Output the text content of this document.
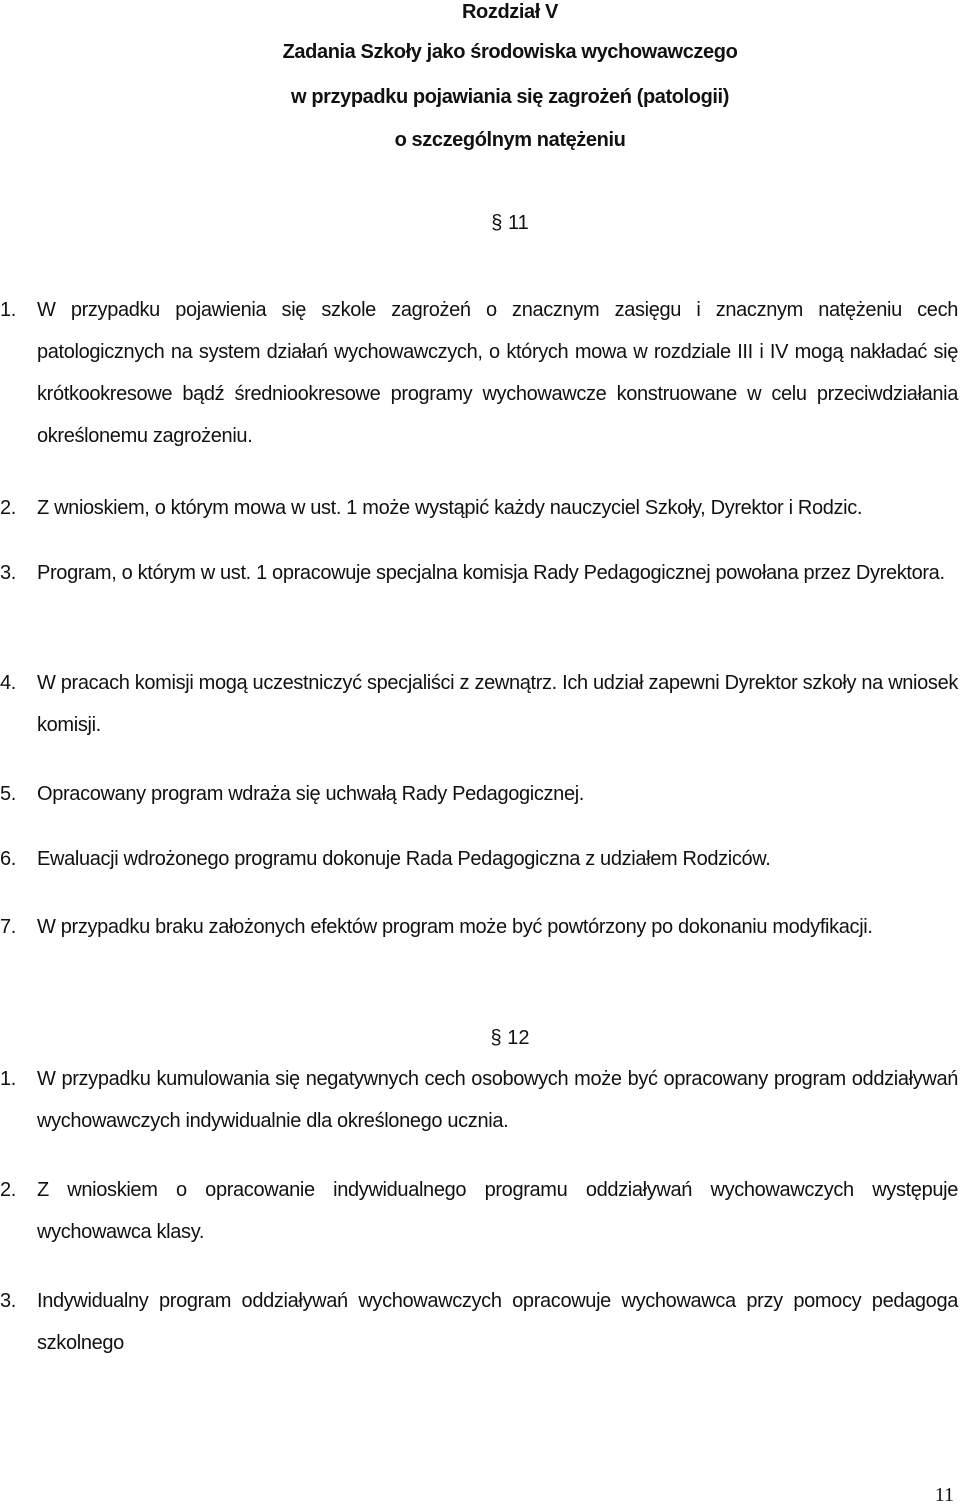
Rozdział V
Zadania Szkoły jako środowiska wychowawczego
w przypadku pojawiania się zagrożeń (patologii)
o szczególnym natężeniu
§ 11
1.	W przypadku pojawienia się szkole zagrożeń o znacznym zasięgu i znacznym natężeniu cech patologicznych na system działań wychowawczych, o których mowa w rozdziale III i IV mogą nakładać się krótkookresowe bądź średniookresowe programy wychowawcze konstruowane w celu przeciwdziałania określonemu zagrożeniu.
2.	Z wnioskiem, o którym mowa w ust. 1 może wystąpić każdy nauczyciel Szkoły, Dyrektor i Rodzic.
3.	Program, o którym w ust. 1 opracowuje specjalna komisja Rady Pedagogicznej powołana przez Dyrektora.
4.	W pracach komisji mogą uczestniczyć specjaliści z zewnątrz. Ich udział zapewni Dyrektor szkoły na wniosek komisji.
5.	Opracowany program wdraża się uchwałą Rady Pedagogicznej.
6.	Ewaluacji wdrożonego programu dokonuje Rada Pedagogiczna z udziałem Rodziców.
7.	W przypadku braku założonych efektów program może być powtórzony po dokonaniu modyfikacji.
§ 12
1.	W przypadku kumulowania się negatywnych cech osobowych może być opracowany program oddziaływań wychowawczych indywidualnie dla określonego ucznia.
2.	Z wnioskiem o opracowanie indywidualnego programu oddziaływań wychowawczych występuje wychowawca klasy.
3.	Indywidualny program oddziaływań wychowawczych opracowuje wychowawca przy pomocy pedagoga szkolnego
11
